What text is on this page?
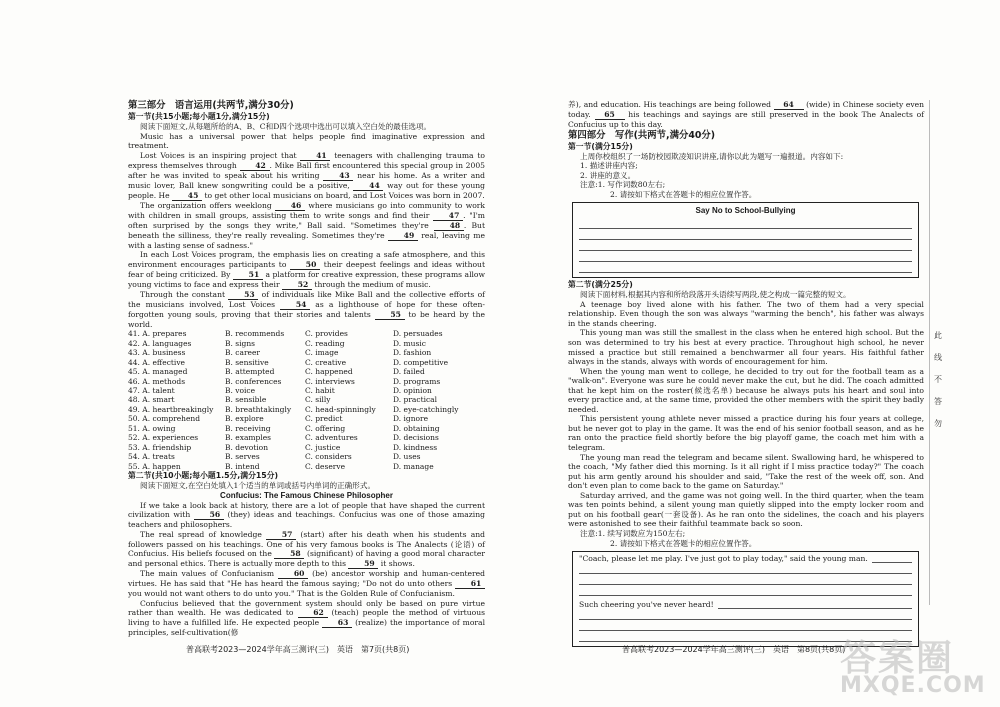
第三部分　语言运用(共两节,满分30分)
第一节(共15小题;每小题1分,满分15分)

阅读下面短文,从每题所给的A、B、C和D四个选项中选出可以填入空白处的最佳选项。

Music has a universal power that helps people find imaginative expression and treatment.

Lost Voices is an inspiring project that 41 teenagers with challenging trauma to express themselves through 42 . Mike Ball first encountered this special group in 2005 after he was invited to speak about his writing 43 near his home. As a writer and music lover, Ball knew songwriting could be a positive, 44 way out for these young people. He 45 to get other local musicians on board, and Lost Voices was born in 2007.

The organization offers weeklong 46 where musicians go into community to work with children in small groups, assisting them to write songs and find their 47 . "I'm often surprised by the songs they write," Ball said. "Sometimes they're 48 . But beneath the silliness, they're really revealing. Sometimes they're 49 real, leaving me with a lasting sense of sadness."

In each Lost Voices program, the emphasis lies on creating a safe atmosphere, and this environment encourages participants to 50 their deepest feelings and ideas without fear of being criticized. By 51 a platform for creative expression, these programs allow young victims to face and express their 52 through the medium of music.

Through the constant 53 of individuals like Mike Ball and the collective efforts of the musicians involved, Lost Voices 54 as a lighthouse of hope for these often-forgotten young souls, proving that their stories and talents 55 to be heard by the world.

41. A. prepares	B. recommends	C. provides	D. persuades
42. A. languages	B. signs	C. reading	D. music
43. A. business	B. career	C. image	D. fashion
44. A. effective	B. sensitive	C. creative	D. competitive
45. A. managed	B. attempted	C. happened	D. failed
46. A. methods	B. conferences	C. interviews	D. programs
47. A. talent	B. voice	C. habit	D. opinion
48. A. smart	B. sensible	C. silly	D. practical
49. A. heartbreakingly	B. breathtakingly	C. head-spinningly	D. eye-catchingly
50. A. comprehend	B. explore	C. predict	D. ignore
51. A. owing	B. receiving	C. offering	D. obtaining
52. A. experiences	B. examples	C. adventures	D. decisions
53. A. friendship	B. devotion	C. justice	D. kindness
54. A. treats	B. serves	C. considers	D. uses
55. A. happen	B. intend	C. deserve	D. manage
第二节(共10小题;每小题1.5分,满分15分)

阅读下面短文,在空白处填入1个适当的单词或括号内单词的正确形式。

Confucius: The Famous Chinese Philosopher

If we take a look back at history, there are a lot of people that have shaped the current civilization with 56 (they) ideas and teachings. Confucius was one of those amazing teachers and philosophers.

The real spread of knowledge 57 (start) after his death when his students and followers passed on his teachings. One of his very famous books is The Analects (论语) of Confucius. His beliefs focused on the 58 (significant) of having a good moral character and personal ethics. There is actually more depth to this 59 it shows.

The main values of Confucianism 60 (be) ancestor worship and human-centered virtues. He has said that "He has heard the famous saying; "Do not do unto others 61 you would not want others to do unto you." That is the Golden Rule of Confucianism.

Confucius believed that the government system should only be based on pure virtue rather than wealth. He was dedicated to 62 (teach) people the method of virtuous living to have a fulfilled life. He expected people 63 (realize) the importance of moral principles, self-cultivation(修

普高联考2023—2024学年高三测评(三)　英语　第7页(共8页)

养), and education. His teachings are being followed 64 (wide) in Chinese society even today. 65 his teachings and sayings are still preserved in the book The Analects of Confucius up to this day.

第四部分　写作(共两节,满分40分)
第一节(满分15分)

上周你校组织了一场防校园欺凌知识讲座,请你以此为题写一遍报道。内容如下:

1. 描述讲座内容;

2. 讲座的意义。

注意:1. 写作词数80左右;

2. 请按如下格式在答题卡的相应位置作答。

Say No to School-Bullying
第二节(满分25分)

阅读下面材料,根据其内容和所给段落开头语续写两段,使之构成一篇完整的短文。

A teenage boy lived alone with his father. The two of them had a very special relationship. Even though the son was always "warming the bench", his father was always in the stands cheering.

This young man was still the smallest in the class when he entered high school. But the son was determined to try his best at every practice. Throughout high school, he never missed a practice but still remained a benchwarmer all four years. His faithful father always in the stands, always with words of encouragement for him.

When the young man went to college, he decided to try out for the football team as a "walk-on". Everyone was sure he could never make the cut, but he did. The coach admitted that he kept him on the roster(候选名单) because he always puts his heart and soul into every practice and, at the same time, provided the other members with the spirit they badly needed.

This persistent young athlete never missed a practice during his four years at college, but he never got to play in the game. It was the end of his senior football season, and as he ran onto the practice field shortly before the big playoff game, the coach met him with a telegram.

The young man read the telegram and became silent. Swallowing hard, he whispered to the coach, "My father died this morning. Is it all right if I miss practice today?" The coach put his arm gently around his shoulder and said, "Take the rest of the week off, son. And don't even plan to come back to the game on Saturday."

Saturday arrived, and the game was not going well. In the third quarter, when the team was ten points behind, a silent young man quietly slipped into the empty locker room and put on his football gear(一套设备). As he ran onto the sidelines, the coach and his players were astonished to see their faithful teammate back so soon.

注意:1. 续写词数应为150左右;

2. 请按如下格式在答题卡的相应位置作答。

"Coach, please let me play. I've just got to play today," said the young man.
Such cheering you've never heard!
普高联考2023—2024学年高三测评(三)　英语　第8页(共8页)
此　线　不　答　勿
答案圈
MXQE.COM
